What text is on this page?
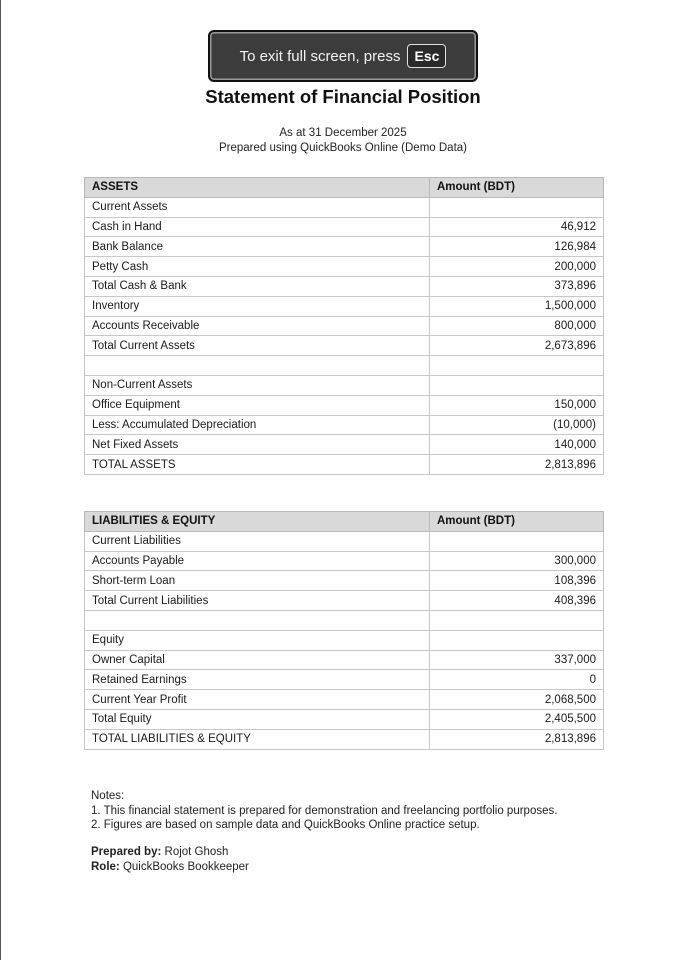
To exit full screen, press	Esc
Statement of Financial Position
As at 31 December 2025
Prepared using QuickBooks Online (Demo Data)
ASSETS	Amount (BDT)
Current Assets	
Cash in Hand	46,912
Bank Balance	126,984
Petty Cash	200,000
Total Cash & Bank	373,896
Inventory	1,500,000
Accounts Receivable	800,000
Total Current Assets	2,673,896

Non-Current Assets	
Office Equipment	150,000
Less: Accumulated Depreciation	(10,000)
Net Fixed Assets	140,000
TOTAL ASSETS	2,813,896
LIABILITIES & EQUITY	Amount (BDT)
Current Liabilities	
Accounts Payable	300,000
Short-term Loan	108,396
Total Current Liabilities	408,396

Equity	
Owner Capital	337,000
Retained Earnings	0
Current Year Profit	2,068,500
Total Equity	2,405,500
TOTAL LIABILITIES & EQUITY	2,813,896
Notes:
1. This financial statement is prepared for demonstration and freelancing portfolio purposes.
2. Figures are based on sample data and QuickBooks Online practice setup.
Prepared by: Rojot Ghosh
Role: QuickBooks Bookkeeper
